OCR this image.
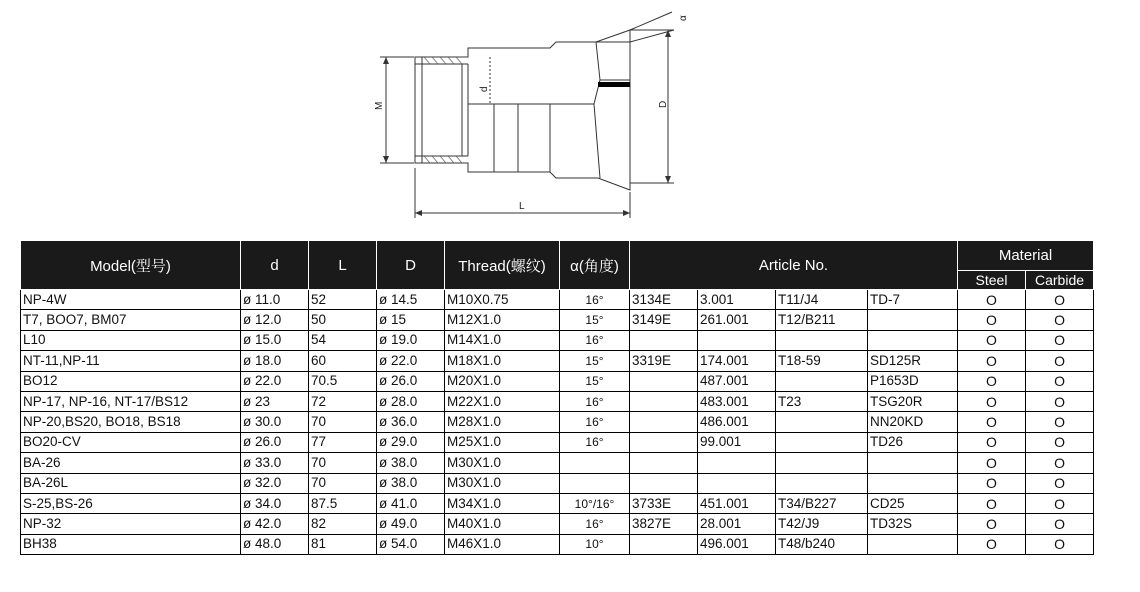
M
d
D
L
α
Model(型号)	d	L	D	Thread(螺纹)	α(角度)	Article No.				Material	
										Steel	Carbide
NP-4W	ø 11.0	52	ø 14.5	M10X0.75	16°	3134E	3.001	T11/J4	TD-7	O	O
T7, BOO7, BM07	ø 12.0	50	ø 15	M12X1.0	15°	3149E	261.001	T12/B211		O	O
L10	ø 15.0	54	ø 19.0	M14X1.0	16°					O	O
NT-11,NP-11	ø 18.0	60	ø 22.0	M18X1.0	15°	3319E	174.001	T18-59	SD125R	O	O
BO12	ø 22.0	70.5	ø 26.0	M20X1.0	15°		487.001		P1653D	O	O
NP-17, NP-16, NT-17/BS12	ø 23	72	ø 28.0	M22X1.0	16°		483.001	T23	TSG20R	O	O
NP-20,BS20, BO18, BS18	ø 30.0	70	ø 36.0	M28X1.0	16°		486.001		NN20KD	O	O
BO20-CV	ø 26.0	77	ø 29.0	M25X1.0	16°		99.001		TD26	O	O
BA-26	ø 33.0	70	ø 38.0	M30X1.0						O	O
BA-26L	ø 32.0	70	ø 38.0	M30X1.0						O	O
S-25,BS-26	ø 34.0	87.5	ø 41.0	M34X1.0	10°/16°	3733E	451.001	T34/B227	CD25	O	O
NP-32	ø 42.0	82	ø 49.0	M40X1.0	16°	3827E	28.001	T42/J9	TD32S	O	O
BH38	ø 48.0	81	ø 54.0	M46X1.0	10°		496.001	T48/b240		O	O
